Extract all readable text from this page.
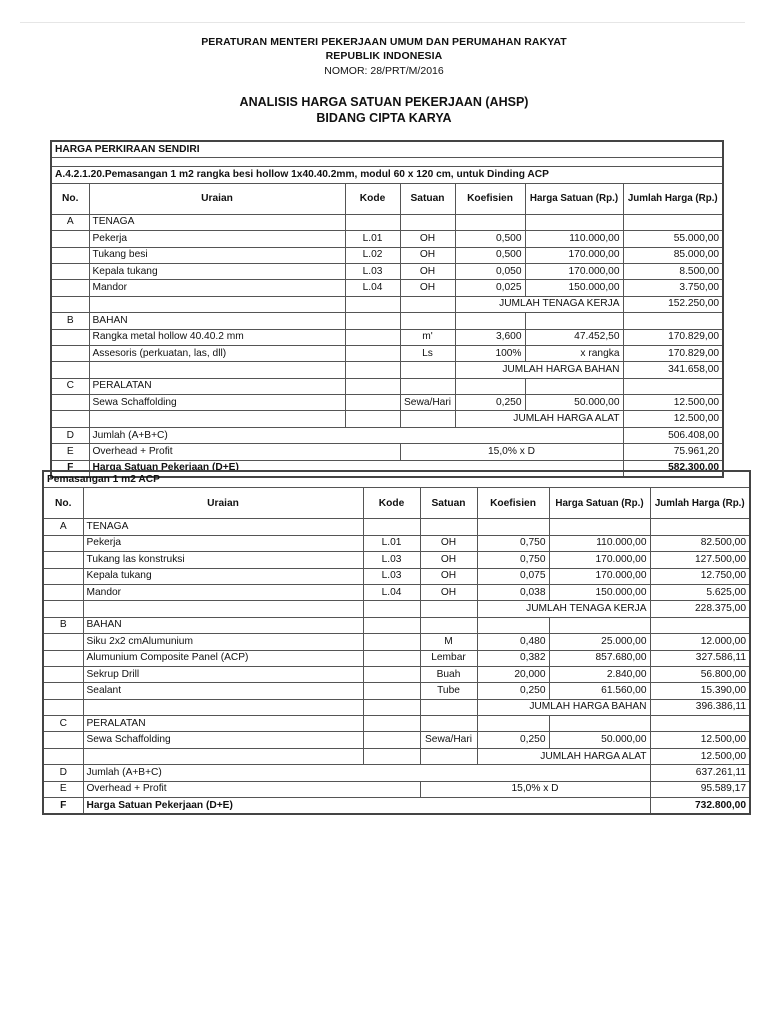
PERATURAN MENTERI PEKERJAAN UMUM DAN PERUMAHAN RAKYAT
REPUBLIK INDONESIA
NOMOR: 28/PRT/M/2016
ANALISIS HARGA SATUAN PEKERJAAN (AHSP)
BIDANG CIPTA KARYA
HARGA PERKIRAAN SENDIRI						

A.4.2.1.20.Pemasangan 1 m2 rangka besi hollow 1x40.40.2mm, modul 60 x 120 cm, untuk Dinding ACP						
No.	Uraian	Kode	Satuan	Koefisien	Harga Satuan (Rp.)	Jumlah Harga (Rp.)
A	TENAGA					
	Pekerja	L.01	OH	0,500	110.000,00	55.000,00
	Tukang besi	L.02	OH	0,500	170.000,00	85.000,00
	Kepala tukang	L.03	OH	0,050	170.000,00	8.500,00
	Mandor	L.04	OH	0,025	150.000,00	3.750,00
				JUMLAH TENAGA KERJA		152.250,00
B	BAHAN					
	Rangka metal hollow 40.40.2 mm		m'	3,600	47.452,50	170.829,00
	Assesoris (perkuatan, las, dll)		Ls	100%	x rangka	170.829,00
				JUMLAH HARGA BAHAN		341.658,00
C	PERALATAN					
	Sewa Schaffolding		Sewa/Hari	0,250	50.000,00	12.500,00
				JUMLAH HARGA ALAT		12.500,00
D	Jumlah (A+B+C)					506.408,00
E	Overhead + Profit		15,0% x D			75.961,20
F	Harga Satuan Pekerjaan (D+E)					582.300,00
Pemasangan 1 m2 ACP						
No.	Uraian	Kode	Satuan	Koefisien	Harga Satuan (Rp.)	Jumlah Harga (Rp.)
A	TENAGA					
	Pekerja	L.01	OH	0,750	110.000,00	82.500,00
	Tukang las konstruksi	L.03	OH	0,750	170.000,00	127.500,00
	Kepala tukang	L.03	OH	0,075	170.000,00	12.750,00
	Mandor	L.04	OH	0,038	150.000,00	5.625,00
				JUMLAH TENAGA KERJA		228.375,00
B	BAHAN					
	Siku 2x2 cmAlumunium		M	0,480	25.000,00	12.000,00
	Alumunium Composite Panel (ACP)		Lembar	0,382	857.680,00	327.586,11
	Sekrup Drill		Buah	20,000	2.840,00	56.800,00
	Sealant		Tube	0,250	61.560,00	15.390,00
				JUMLAH HARGA BAHAN		396.386,11
C	PERALATAN					
	Sewa Schaffolding		Sewa/Hari	0,250	50.000,00	12.500,00
				JUMLAH HARGA ALAT		12.500,00
D	Jumlah (A+B+C)					637.261,11
E	Overhead + Profit		15,0% x D			95.589,17
F	Harga Satuan Pekerjaan (D+E)					732.800,00
